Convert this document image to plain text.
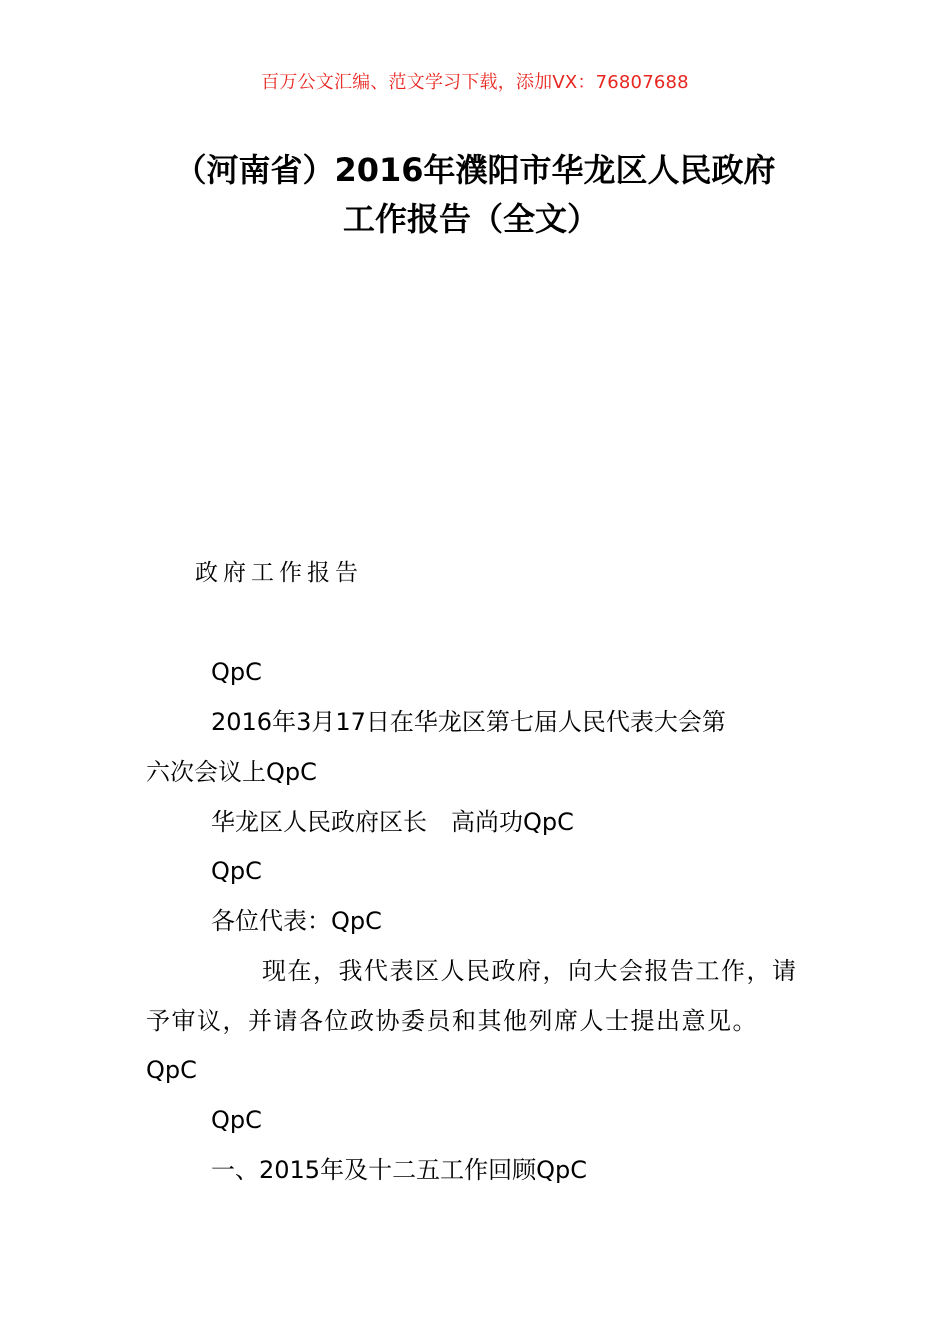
百万公文汇编、范文学习下载，添加VX：76807688
（河南省）2016年濮阳市华龙区人民政府
工作报告（全文）
政府工作报告
QpC
2016年3月17日在华龙区第七届人民代表大会第
六次会议上QpC
华龙区人民政府区长　高尚功QpC
QpC
各位代表：QpC
现在，我代表区人民政府，向大会报告工作，请
予审议，并请各位政协委员和其他列席人士提出意见。
QpC
QpC
一、2015年及十二五工作回顾QpC
